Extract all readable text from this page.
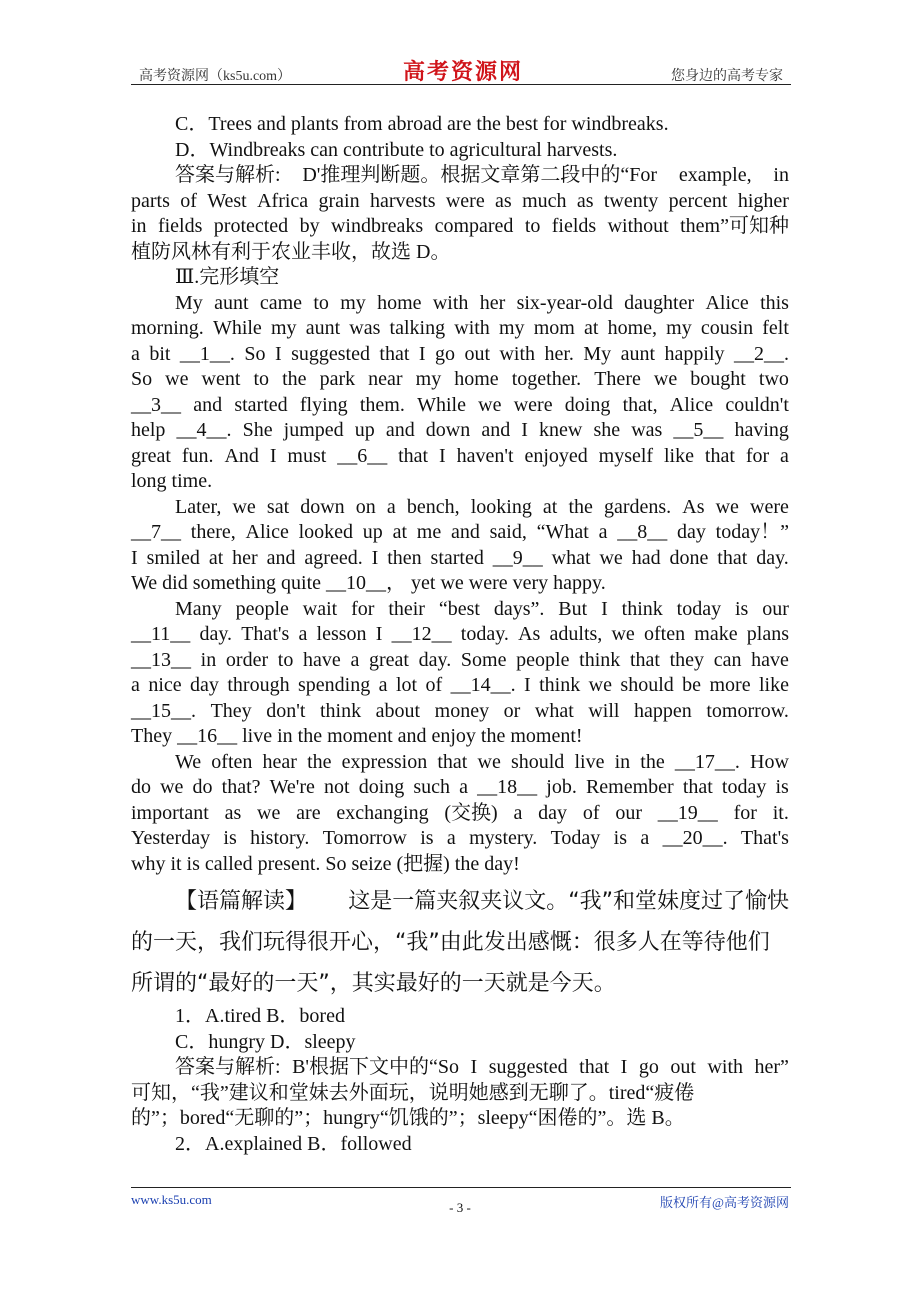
高考资源网（ks5u.com）	高考资源网	您身边的高考专家
C．Trees and plants from abroad are the best for windbreaks.
D．Windbreaks can contribute to agricultural harvests.
答案与解析: D'推理判断题。根据文章第二段中的“For example, in
parts of West Africa grain harvests were as much as twenty percent higher
in fields protected by windbreaks compared to fields without them”可知种
植防风林有利于农业丰收，故选 D。
Ⅲ.完形填空
My aunt came to my home with her six-year-old daughter Alice this
morning. While my aunt was talking with my mom at home, my cousin felt
a bit __1__. So I suggested that I go out with her. My aunt happily __2__.
So we went to the park near my home together. There we bought two
__3__ and started flying them. While we were doing that, Alice couldn't
help __4__. She jumped up and down and I knew she was __5__ having
great fun. And I must __6__ that I haven't enjoyed myself like that for a
long time.
Later, we sat down on a bench, looking at the gardens. As we were
__7__ there, Alice looked up at me and said, “What a __8__ day today！”
I smiled at her and agreed. I then started __9__ what we had done that day.
We did something quite __10__， yet we were very happy.
Many people wait for their “best days”. But I think today is our
__11__ day. That's a lesson I __12__ today. As adults, we often make plans
__13__ in order to have a great day. Some people think that they can have
a nice day through spending a lot of __14__. I think we should be more like
__15__. They don't think about money or what will happen tomorrow.
They __16__ live in the moment and enjoy the moment!
We often hear the expression that we should live in the __17__. How
do we do that? We're not doing such a __18__ job. Remember that today is
important as we are exchanging (交换) a day of our __19__ for it.
Yesterday is history. Tomorrow is a mystery. Today is a __20__. That's
why it is called present. So seize (把握) the day!
【语篇解读】 这是一篇夹叙夹议文。“我”和堂妹度过了愉快
的一天，我们玩得很开心，“我”由此发出感慨：很多人在等待他们
所谓的“最好的一天”，其实最好的一天就是今天。
1．A.tired B．bored
C．hungry D．sleepy
答案与解析: B'根据下文中的“So I suggested that I go out with her”
可知，“我”建议和堂妹去外面玩，说明她感到无聊了。tired“疲倦
的”；bored“无聊的”；hungry“饥饿的”；sleepy“困倦的”。选 B。
2．A.explained B．followed
www.ks5u.com
- 3 -	版权所有@高考资源网
